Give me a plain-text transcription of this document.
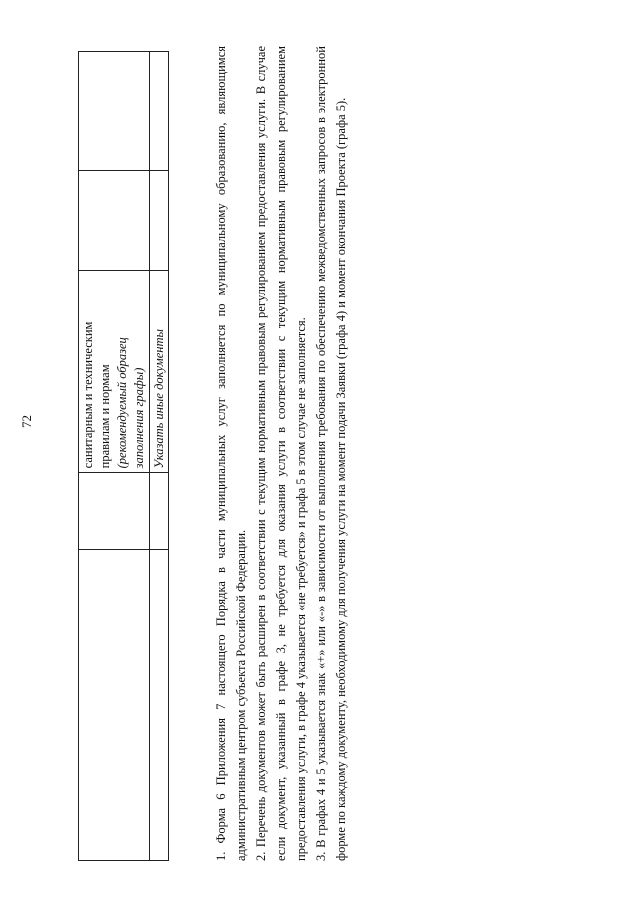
72

		санитарным и техническим правилам и нормам (рекомендуемый образец заполнения графы)		

		Указать иные документы			1. Форма 6 Приложения 7 настоящего Порядка в части муниципальных услуг заполняется по муниципальному образованию, являющимся административным центром субъекта Российской Федерации. 2. Перечень документов может быть расширен в соответствии с текущим нормативным правовым регулированием предоставления услуги. В случае если документ, указанный в графе 3, не требуется для оказания услуги в соответствии с текущим нормативным правовым регулированием предоставления услуги, в графе 4 указывается «не требуется» и графа 5 в этом случае не заполняется. 3. В графах 4 и 5 указывается знак «+» или «-» в зависимости от выполнения требования по обеспечению межведомственных запросов в электронной форме по каждому документу, необходимому для получения услуги на момент подачи Заявки (графа 4) и момент окончания Проекта (графа 5).
